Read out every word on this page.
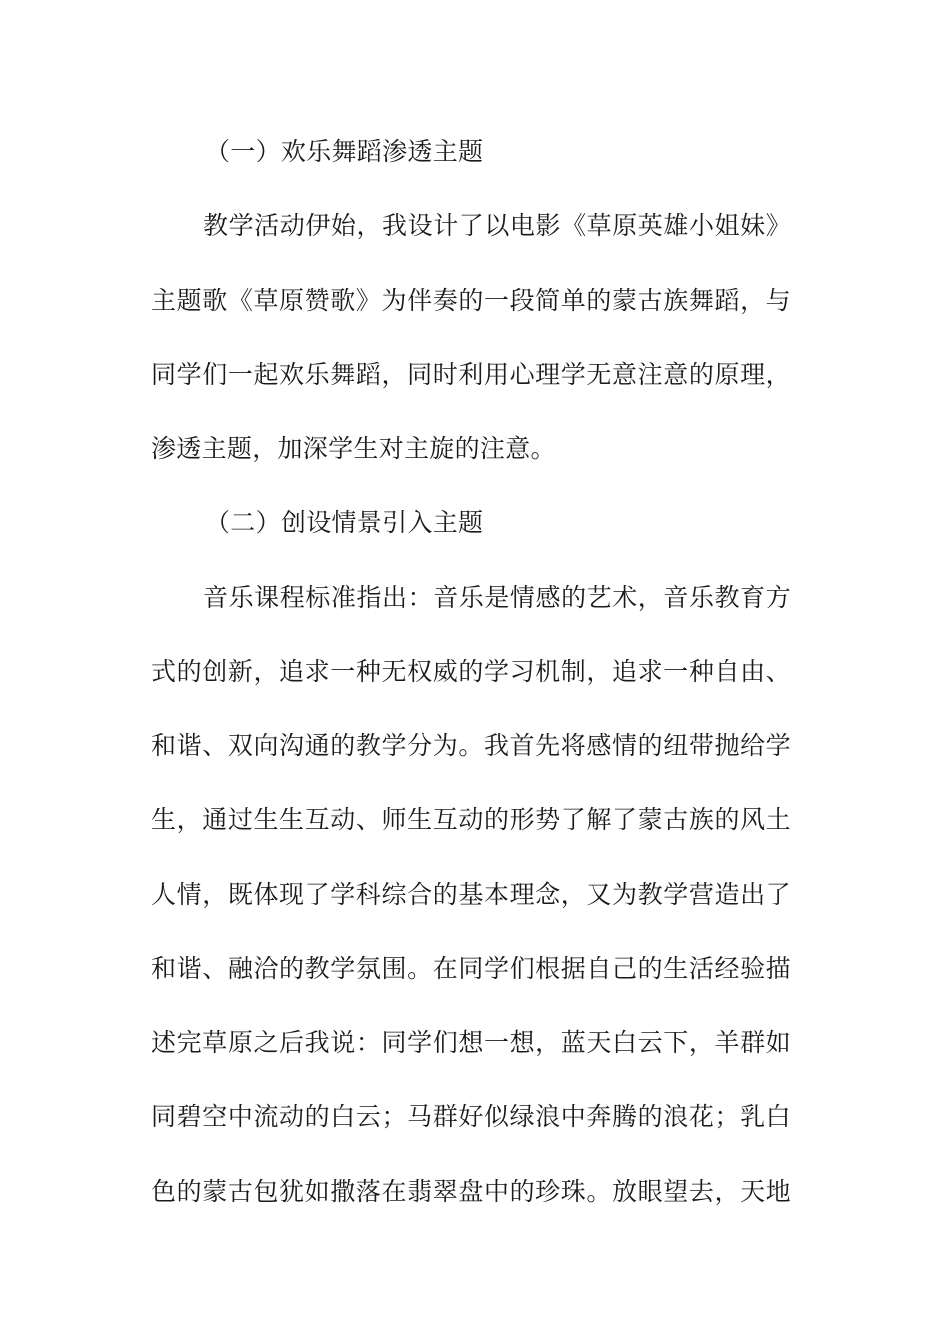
（一）欢乐舞蹈渗透主题
教学活动伊始，我设计了以电影《草原英雄小姐妹》
主题歌《草原赞歌》为伴奏的一段简单的蒙古族舞蹈，与
同学们一起欢乐舞蹈，同时利用心理学无意注意的原理，
渗透主题，加深学生对主旋的注意。
（二）创设情景引入主题
音乐课程标准指出：音乐是情感的艺术，音乐教育方
式的创新，追求一种无权威的学习机制，追求一种自由、
和谐、双向沟通的教学分为。我首先将感情的纽带抛给学
生，通过生生互动、师生互动的形势了解了蒙古族的风土
人情，既体现了学科综合的基本理念，又为教学营造出了
和谐、融洽的教学氛围。在同学们根据自己的生活经验描
述完草原之后我说：同学们想一想，蓝天白云下，羊群如
同碧空中流动的白云；马群好似绿浪中奔腾的浪花；乳白
色的蒙古包犹如撒落在翡翠盘中的珍珠。放眼望去，天地
